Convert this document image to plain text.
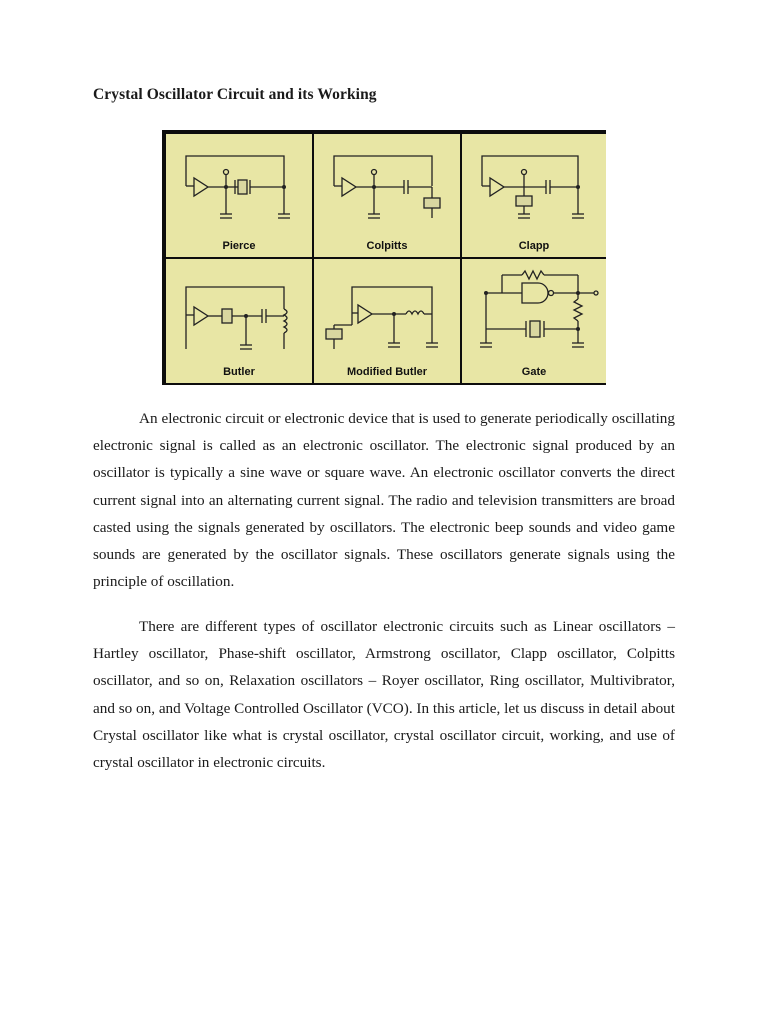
Crystal Oscillator Circuit and its Working
Pierce	Colpitts	Clapp
Butler	Modified Butler	Gate

An electronic circuit or electronic device that is used to generate periodically oscillating electronic signal is called as an electronic oscillator. The electronic signal produced by an oscillator is typically a sine wave or square wave. An electronic oscillator converts the direct current signal into an alternating current signal. The radio and television transmitters are broad casted using the signals generated by oscillators. The electronic beep sounds and video game sounds are generated by the oscillator signals. These oscillators generate signals using the principle of oscillation.

There are different types of oscillator electronic circuits such as Linear oscillators – Hartley oscillator, Phase-shift oscillator, Armstrong oscillator, Clapp oscillator, Colpitts oscillator, and so on, Relaxation oscillators – Royer oscillator, Ring oscillator, Multivibrator, and so on, and Voltage Controlled Oscillator (VCO). In this article, let us discuss in detail about Crystal oscillator like what is crystal oscillator, crystal oscillator circuit, working, and use of crystal oscillator in electronic circuits.
